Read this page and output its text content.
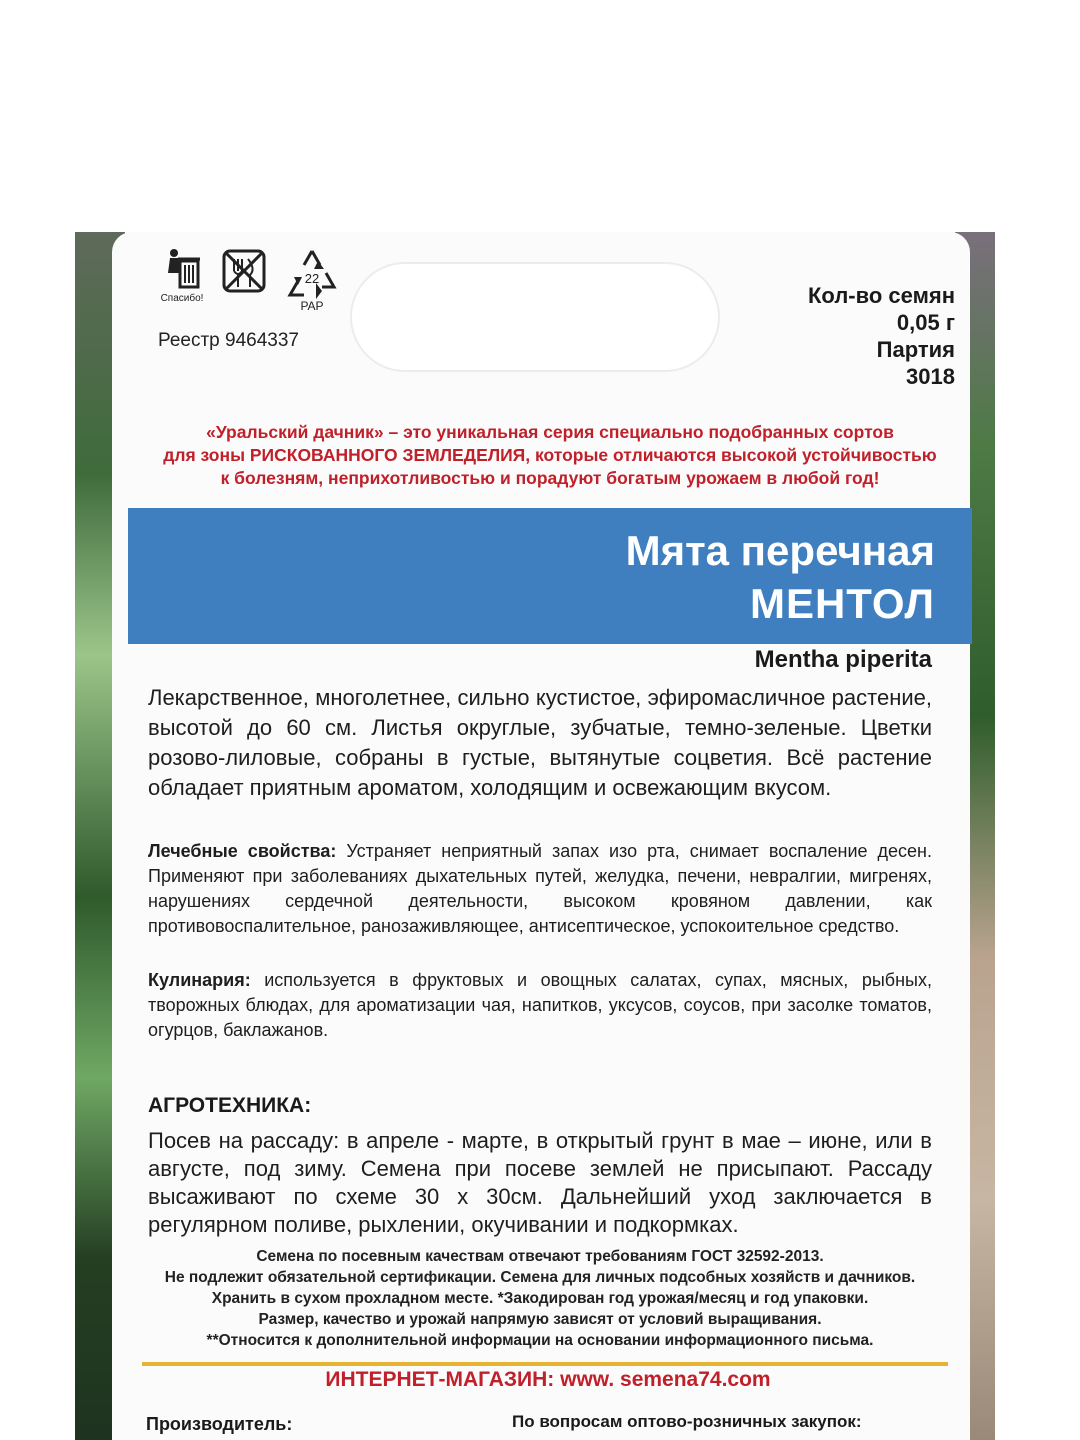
Спасибо!
22
PAP
Реестр 9464337
Кол-во семян
0,05 г
Партия
3018
«Уральский дачник» – это уникальная серия специально подобранных сортов
для зоны РИСКОВАННОГО ЗЕМЛЕДЕЛИЯ, которые отличаются высокой устойчивостью
к болезням, неприхотливостью и порадуют богатым урожаем в любой год!
Мята перечная
МЕНТОЛ
Mentha piperita
Лекарственное, многолетнее, сильно кустистое, эфиромасличное растение, высотой до 60 см. Листья округлые, зубчатые, темно-зеленые. Цветки розово-лиловые, собраны в густые, вытянутые соцветия. Всё растение обладает приятным ароматом, холодящим и освежающим вкусом.
Лечебные свойства: Устраняет неприятный запах изо рта, снимает воспаление десен. Применяют при заболеваниях дыхательных путей, желудка, печени, невралгии, мигренях, нарушениях сердечной деятельности, высоком кровяном давлении, как противовоспалительное, ранозаживляющее, антисептическое, успокоительное средство.
Кулинария: используется в фруктовых и овощных салатах, супах, мясных, рыбных, творожных блюдах, для ароматизации чая, напитков, уксусов, соусов, при засолке томатов, огурцов, баклажанов.
АГРОТЕХНИКА:
Посев на рассаду: в апреле - марте, в открытый грунт в мае – июне, или в августе, под зиму. Семена при посеве землей не присыпают. Рассаду высаживают по схеме 30 х 30см. Дальнейший уход заключается в регулярном поливе, рыхлении, окучивании и подкормках.
Семена по посевным качествам отвечают требованиям ГОСТ 32592-2013.
Не подлежит обязательной сертификации. Семена для личных подсобных хозяйств и дачников.
Хранить в сухом прохладном месте. *Закодирован год урожая/месяц и год упаковки.
Размер, качество и урожай напрямую зависят от условий выращивания.
**Относится к дополнительной информации на основании информационного письма.
ИНТЕРНЕТ-МАГАЗИН: www. semena74.com
Производитель:	По вопросам оптово-розничных закупок:
